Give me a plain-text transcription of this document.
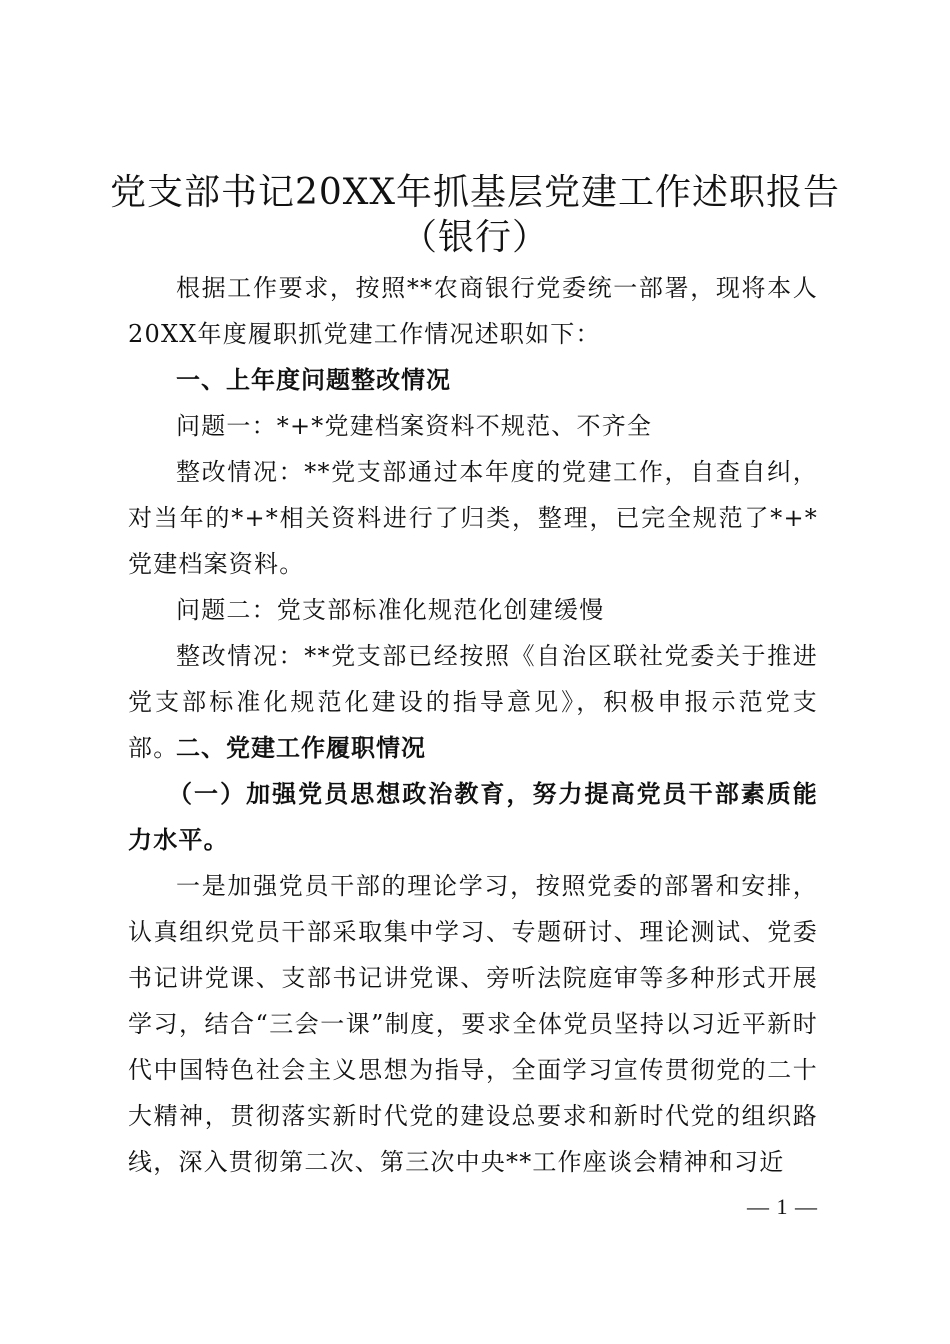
党支部书记20XX年抓基层党建工作述职报告
（银行）

根据工作要求，按照**农商银行党委统一部署，现将本人20XX年度履职抓党建工作情况述职如下：

一、上年度问题整改情况

问题一：*+*党建档案资料不规范、不齐全

整改情况：**党支部通过本年度的党建工作，自查自纠，对当年的*+*相关资料进行了归类，整理，已完全规范了*+*党建档案资料。

问题二：党支部标准化规范化创建缓慢

整改情况：**党支部已经按照《自治区联社党委关于推进党支部标准化规范化建设的指导意见》，积极申报示范党支部。

二、党建工作履职情况

（一）加强党员思想政治教育，努力提高党员干部素质能力水平。

一是加强党员干部的理论学习，按照党委的部署和安排，认真组织党员干部采取集中学习、专题研讨、理论测试、党委书记讲党课、支部书记讲党课、旁听法院庭审等多种形式开展学习，结合“三会一课”制度，要求全体党员坚持以习近平新时代中国特色社会主义思想为指导，全面学习宣传贯彻党的二十大精神，贯彻落实新时代党的建设总要求和新时代党的组织路线，深入贯彻第二次、第三次中央**工作座谈会精神和习近

— 1 —
